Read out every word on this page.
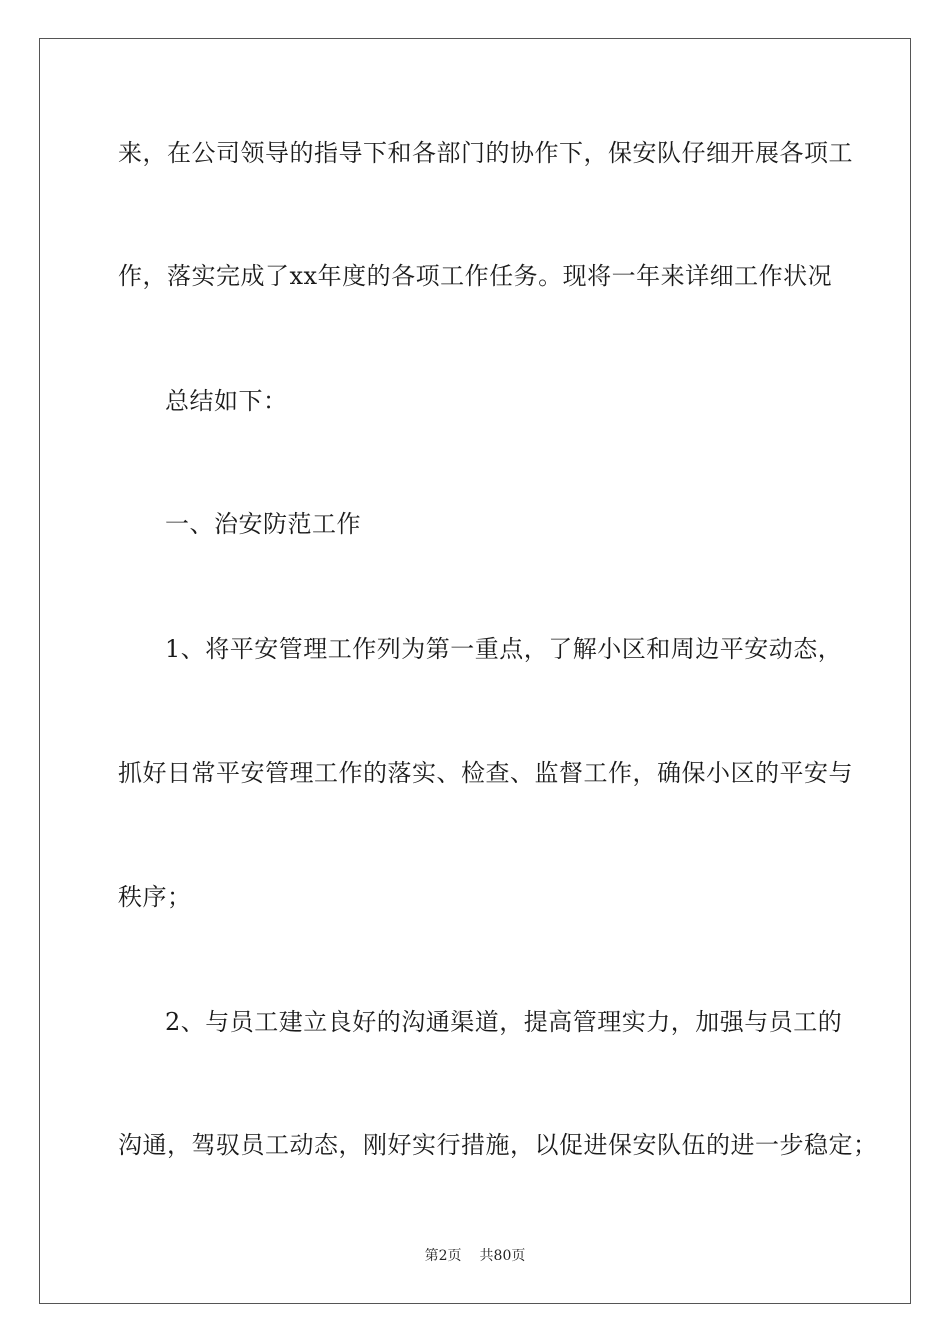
来，在公司领导的指导下和各部门的协作下，保安队仔细开展各项工
作，落实完成了xx年度的各项工作任务。现将一年来详细工作状况
总结如下：
一、治安防范工作
1、将平安管理工作列为第一重点，了解小区和周边平安动态，
抓好日常平安管理工作的落实、检查、监督工作，确保小区的平安与
秩序；
2、与员工建立良好的沟通渠道，提高管理实力，加强与员工的
沟通，驾驭员工动态，刚好实行措施，以促进保安队伍的进一步稳定；
第2页 共80页
